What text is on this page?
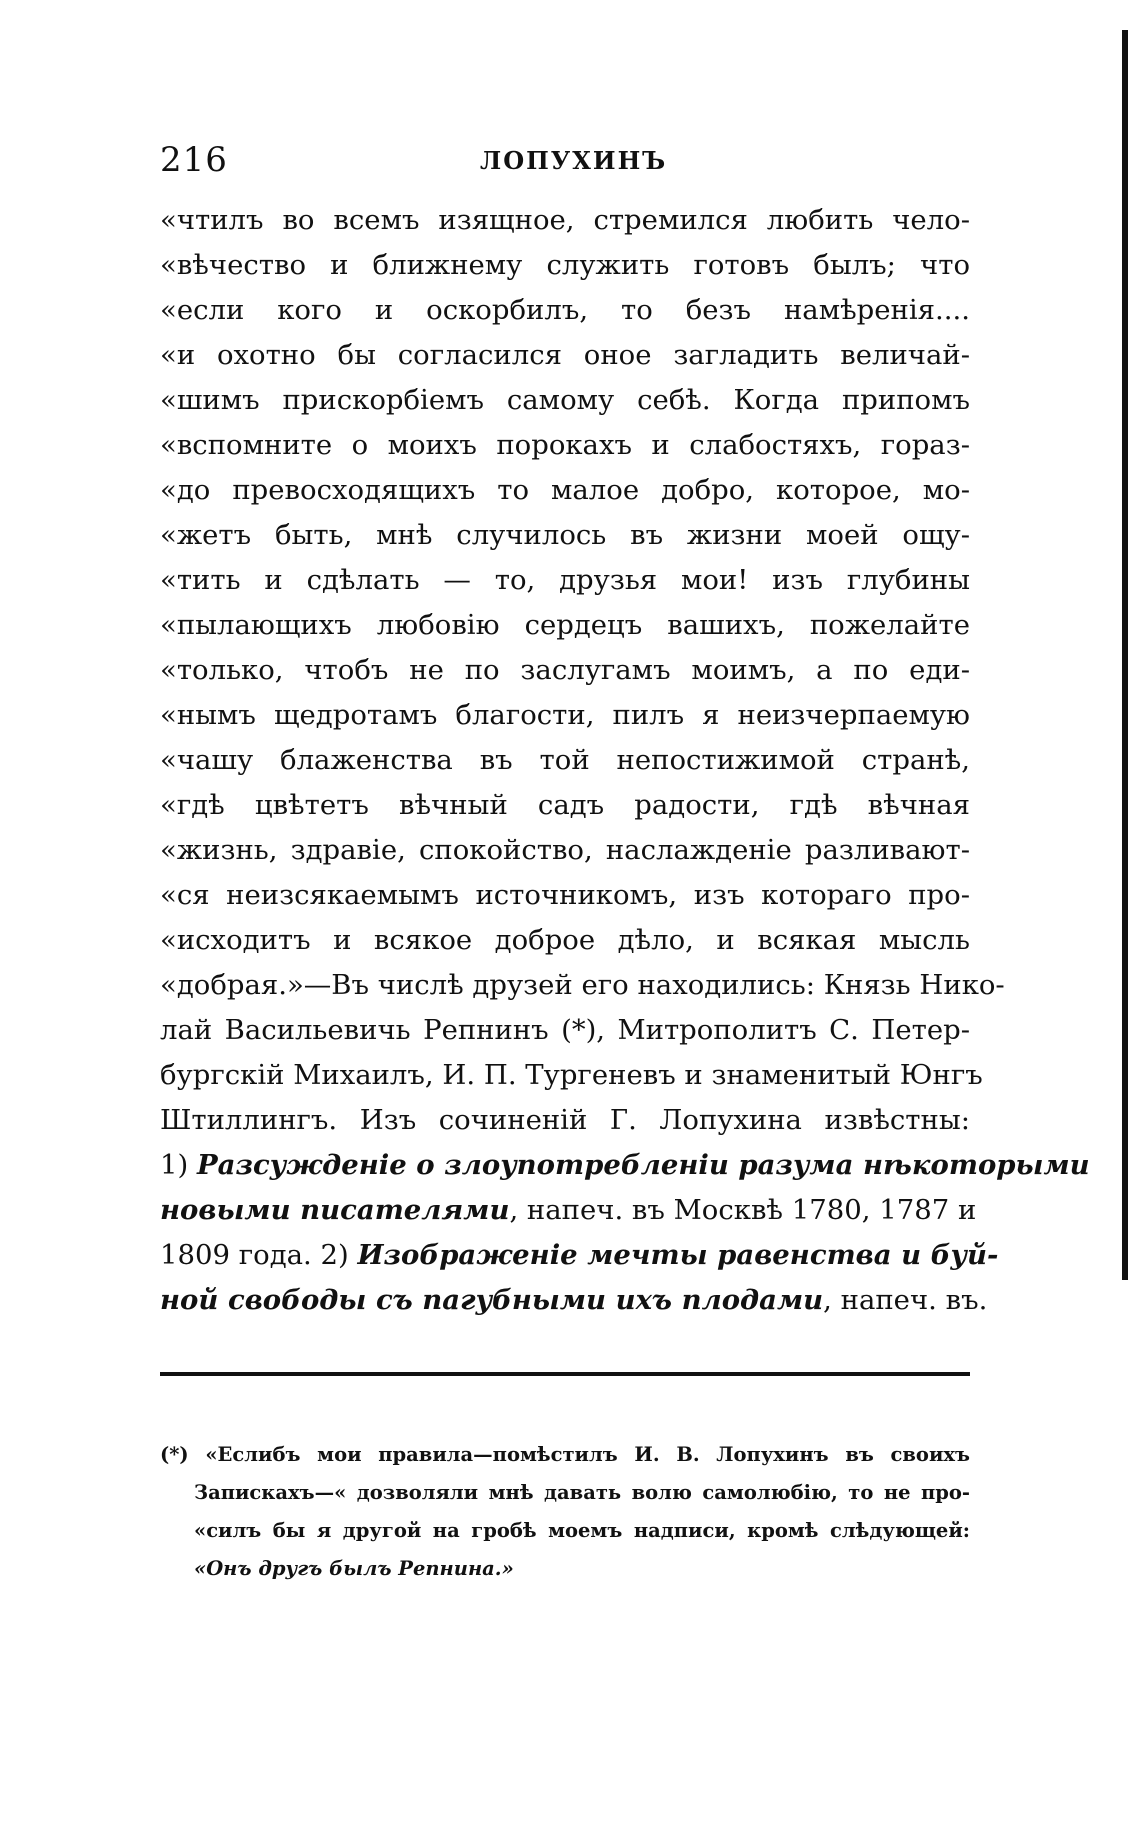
216	ЛОПУХИНЪ
«чтилъ во всемъ изящное, стремился любить чело-
«вѣчество и ближнему служить готовъ былъ; что
«если кого и оскорбилъ, то безъ намѣренія....
«и охотно бы согласился оное загладить величай-
«шимъ прискорбіемъ самому себѣ. Когда припомъ
«вспомните о моихъ порокахъ и слабостяхъ, гораз-
«до превосходящихъ то малое добро, которое, мо-
«жетъ быть, мнѣ случилось въ жизни моей ощу-
«тить и сдѣлать — то, друзья мои! изъ глубины
«пылающихъ любовію сердецъ вашихъ, пожелайте
«только, чтобъ не по заслугамъ моимъ, а по еди-
«нымъ щедротамъ благости, пилъ я неизчерпаемую
«чашу блаженства въ той непостижимой странѣ,
«гдѣ цвѣтетъ вѣчный садъ радости, гдѣ вѣчная
«жизнь, здравіе, спокойство, наслажденіе разливают-
«ся неизсякаемымъ источникомъ, изъ котораго про-
«исходитъ и всякое доброе дѣло, и всякая мысль
«добрая.»—Въ числѣ друзей его находились: Князь Нико-
лай Васильевичь Репнинъ (*), Митрополитъ С. Петер-
бургскій Михаилъ, И. П. Тургеневъ и знаменитый Юнгъ
Штиллингъ. Изъ сочиненій Г. Лопухина извѣстны:
1) Разсужденіе о злоупотребленіи разума нѣкоторыми
новыми писателями, напеч. въ Москвѣ 1780, 1787 и
1809 года. 2) Изображеніе мечты равенства и буй-
ной свободы съ пагубными ихъ плодами, напеч. въ.
(*) «Еслибъ мои правила—помѣстилъ И. В. Лопухинъ въ своихъ
Запискахъ—« дозволяли мнѣ давать волю самолюбію, то не про-
«силъ бы я другой на гробѣ моемъ надписи, кромѣ слѣдующей:
«Онъ другъ былъ Репнина.»
